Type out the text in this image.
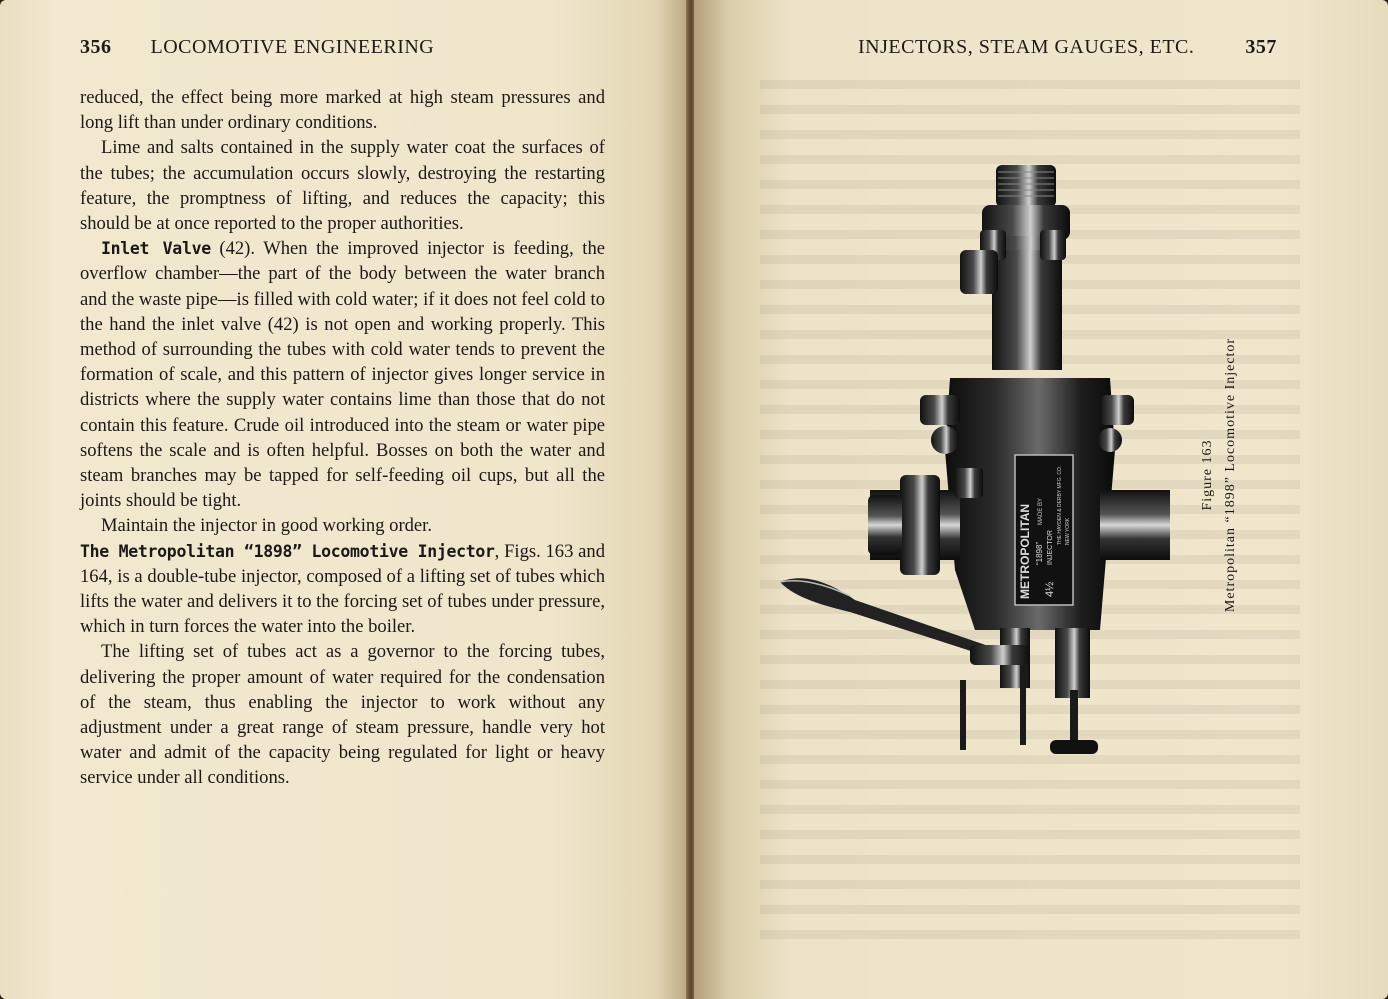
356 LOCOMOTIVE ENGINEERING

reduced, the effect being more marked at high steam pressures and long lift than under ordinary conditions.

Lime and salts contained in the supply water coat the surfaces of the tubes; the accumulation occurs slowly, destroying the restarting feature, the promptness of lifting, and reduces the capacity; this should be at once reported to the proper authorities.

Inlet Valve (42). When the improved injector is feeding, the overflow chamber—the part of the body between the water branch and the waste pipe—is filled with cold water; if it does not feel cold to the hand the inlet valve (42) is not open and working properly. This method of surrounding the tubes with cold water tends to prevent the formation of scale, and this pattern of injector gives longer service in districts where the supply water contains lime than those that do not contain this feature. Crude oil introduced into the steam or water pipe softens the scale and is often helpful. Bosses on both the water and steam branches may be tapped for self-feeding oil cups, but all the joints should be tight.

Maintain the injector in good working order.

The Metropolitan “1898” Locomotive Injector, Figs. 163 and 164, is a double-tube injector, composed of a lifting set of tubes which lifts the water and delivers it to the forcing set of tubes under pressure, which in turn forces the water into the boiler.

The lifting set of tubes act as a governor to the forcing tubes, delivering the proper amount of water required for the condensation of the steam, thus enabling the injector to work without any adjustment under a great range of steam pressure, handle very hot water and admit of the capacity being regulated for light or heavy service under all conditions.

INJECTORS, STEAM GAUGES, ETC.	357
METROPOLITAN “1898” INJECTOR
4½
MADE BY	THE HAYDEN & DERBY MFG. CO. NEW YORK
Figure 163 Metropolitan “1898” Locomotive Injector
